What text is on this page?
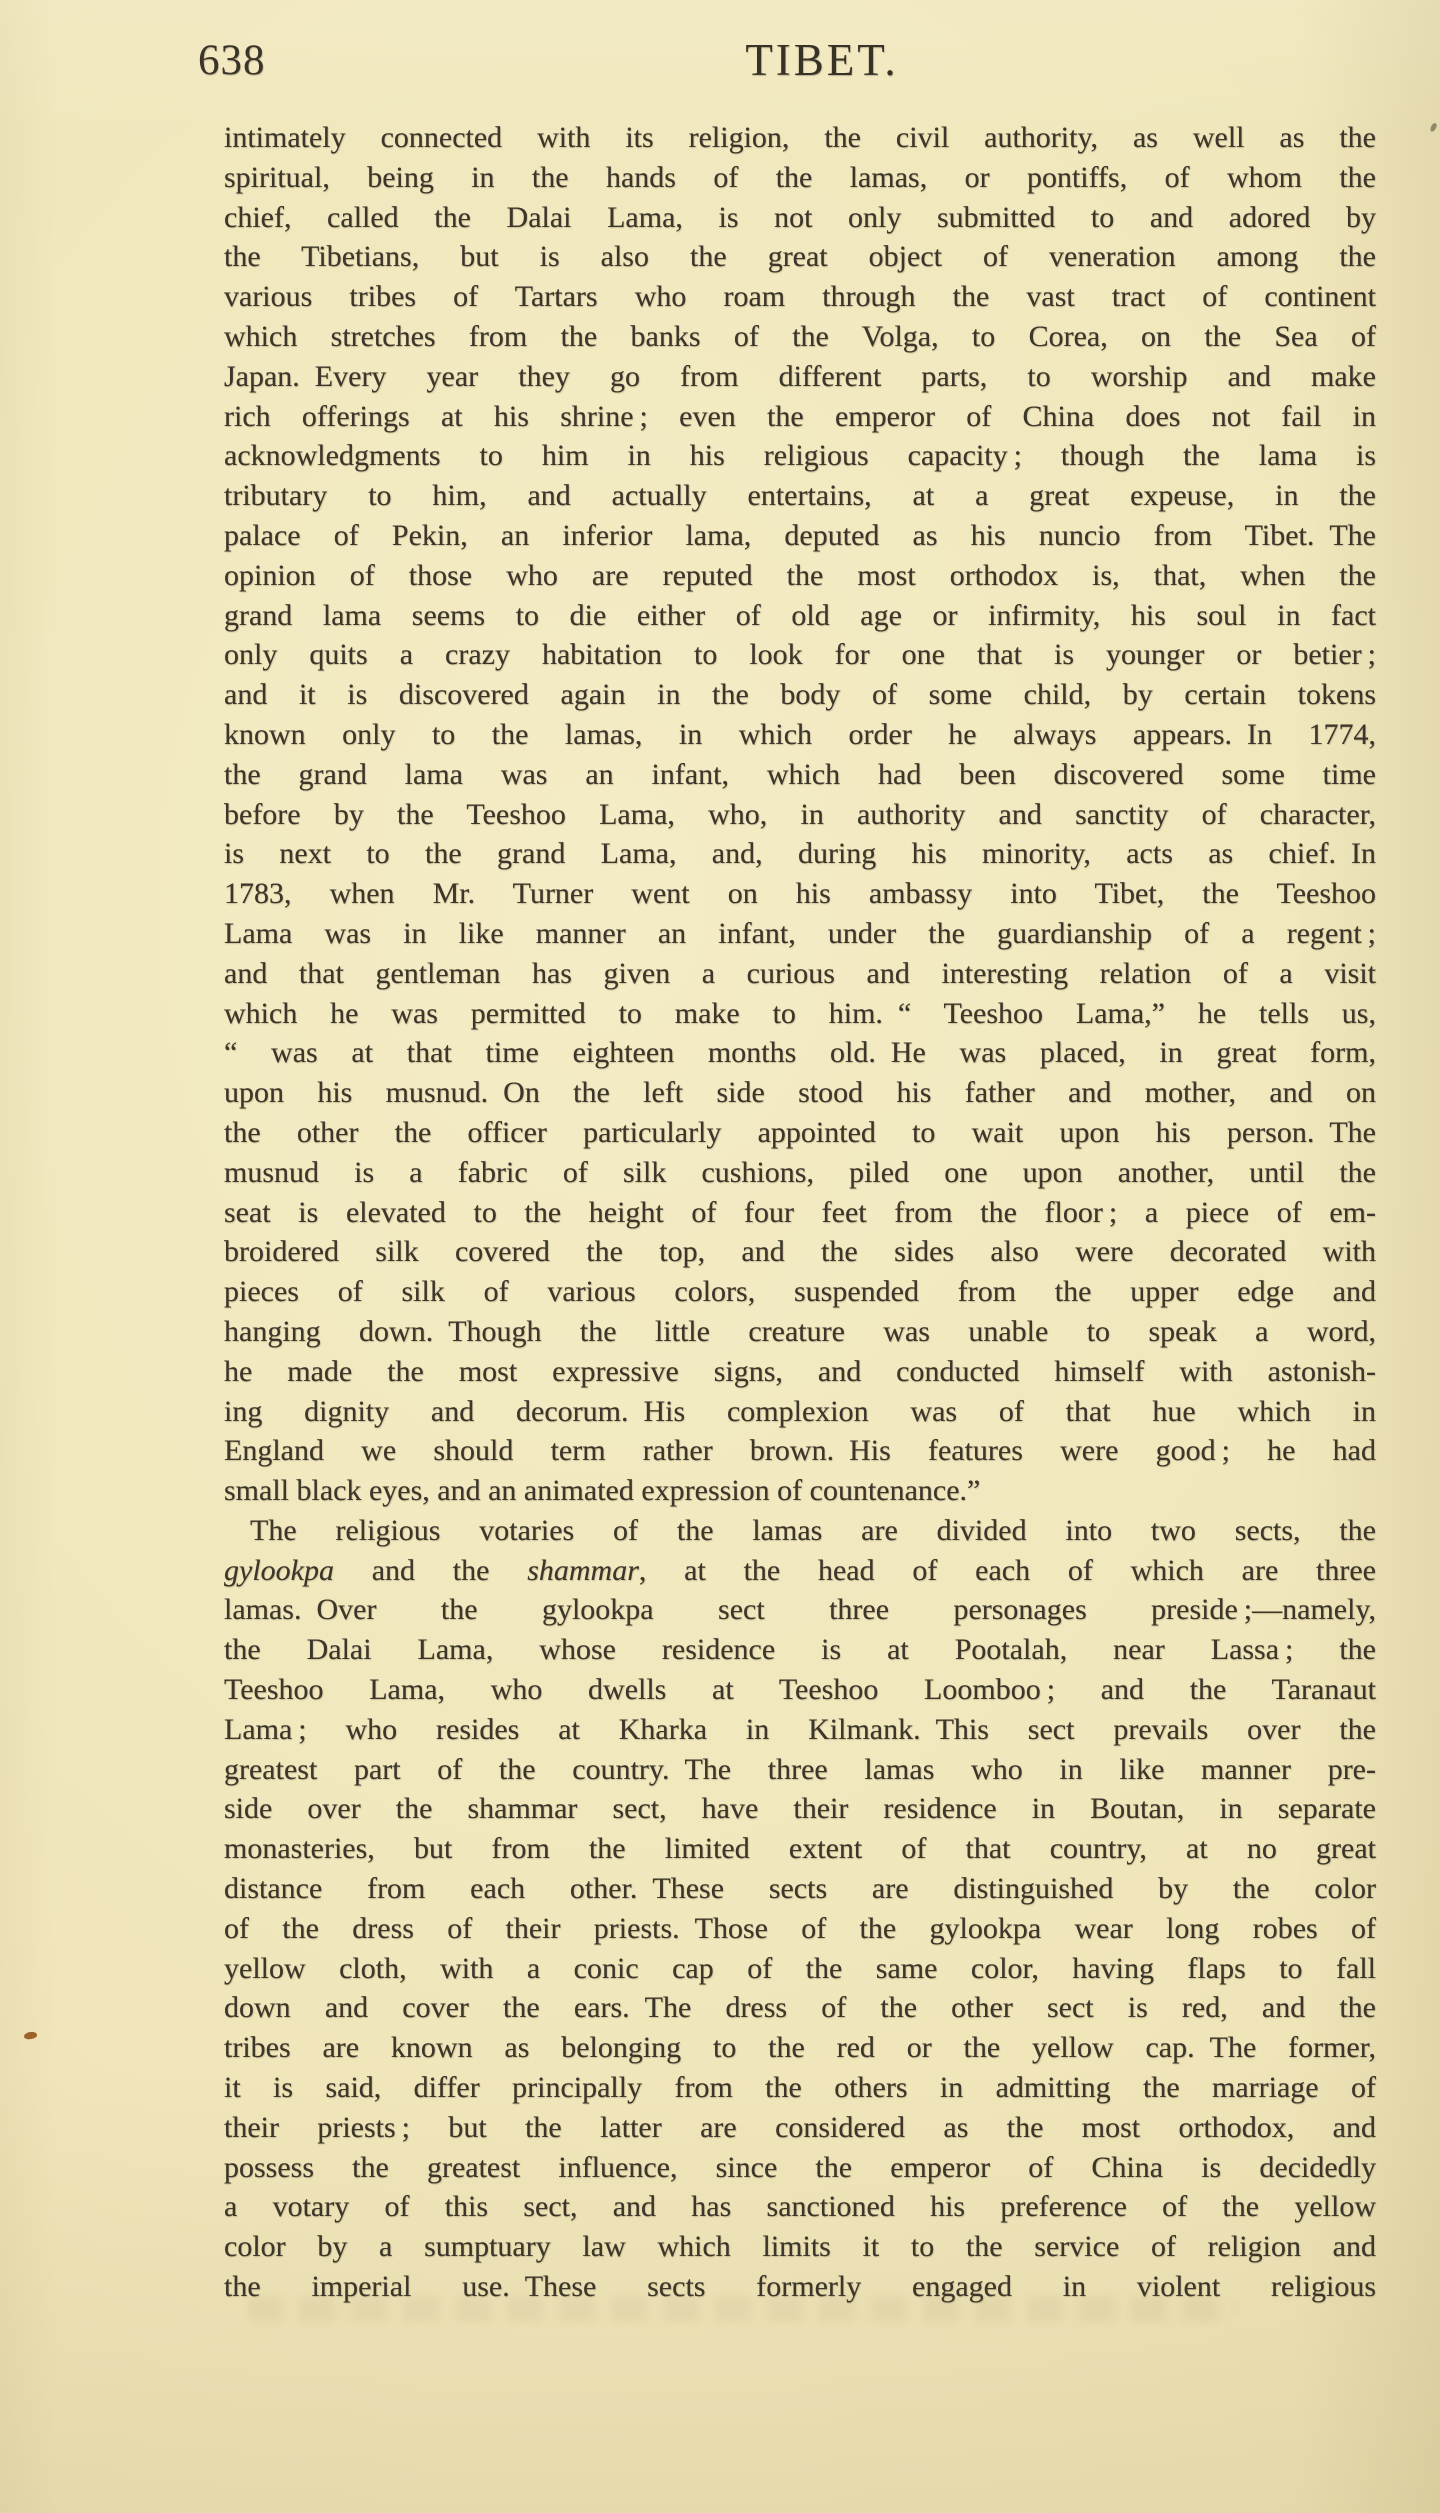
638	TIBET.
intimately connected with its religion, the civil authority, as well as the
spiritual, being in the hands of the lamas, or pontiffs, of whom the
chief, called the Dalai Lama, is not only submitted to and adored by
the Tibetians, but is also the great object of veneration among the
various tribes of Tartars who roam through the vast tract of continent
which stretches from the banks of the Volga, to Corea, on the Sea of
Japan. Every year they go from different parts, to worship and make
rich offerings at his shrine ; even the emperor of China does not fail in
acknowledgments to him in his religious capacity ; though the lama is
tributary to him, and actually entertains, at a great expeuse, in the
palace of Pekin, an inferior lama, deputed as his nuncio from Tibet. The
opinion of those who are reputed the most orthodox is, that, when the
grand lama seems to die either of old age or infirmity, his soul in fact
only quits a crazy habitation to look for one that is younger or betier ;
and it is discovered again in the body of some child, by certain tokens
known only to the lamas, in which order he always appears. In 1774,
the grand lama was an infant, which had been discovered some time
before by the Teeshoo Lama, who, in authority and sanctity of character,
is next to the grand Lama, and, during his minority, acts as chief. In
1783, when Mr. Turner went on his ambassy into Tibet, the Teeshoo
Lama was in like manner an infant, under the guardianship of a regent ;
and that gentleman has given a curious and interesting relation of a visit
which he was permitted to make to him. “ Teeshoo Lama,” he tells us,
“ was at that time eighteen months old. He was placed, in great form,
upon his musnud. On the left side stood his father and mother, and on
the other the officer particularly appointed to wait upon his person. The
musnud is a fabric of silk cushions, piled one upon another, until the
seat is elevated to the height of four feet from the floor ; a piece of em-
broidered silk covered the top, and the sides also were decorated with
pieces of silk of various colors, suspended from the upper edge and
hanging down. Though the little creature was unable to speak a word,
he made the most expressive signs, and conducted himself with astonish-
ing dignity and decorum. His complexion was of that hue which in
England we should term rather brown. His features were good ; he had
small black eyes, and an animated expression of countenance.”
The religious votaries of the lamas are divided into two sects, the
gylookpa and the shammar, at the head of each of which are three
lamas. Over the gylookpa sect three personages preside ;—namely,
the Dalai Lama, whose residence is at Pootalah, near Lassa ; the
Teeshoo Lama, who dwells at Teeshoo Loomboo ; and the Taranaut
Lama ; who resides at Kharka in Kilmank. This sect prevails over the
greatest part of the country. The three lamas who in like manner pre-
side over the shammar sect, have their residence in Boutan, in separate
monasteries, but from the limited extent of that country, at no great
distance from each other. These sects are distinguished by the color
of the dress of their priests. Those of the gylookpa wear long robes of
yellow cloth, with a conic cap of the same color, having flaps to fall
down and cover the ears. The dress of the other sect is red, and the
tribes are known as belonging to the red or the yellow cap. The former,
it is said, differ principally from the others in admitting the marriage of
their priests ; but the latter are considered as the most orthodox, and
possess the greatest influence, since the emperor of China is decidedly
a votary of this sect, and has sanctioned his preference of the yellow
color by a sumptuary law which limits it to the service of religion and
the imperial use. These sects formerly engaged in violent religious
